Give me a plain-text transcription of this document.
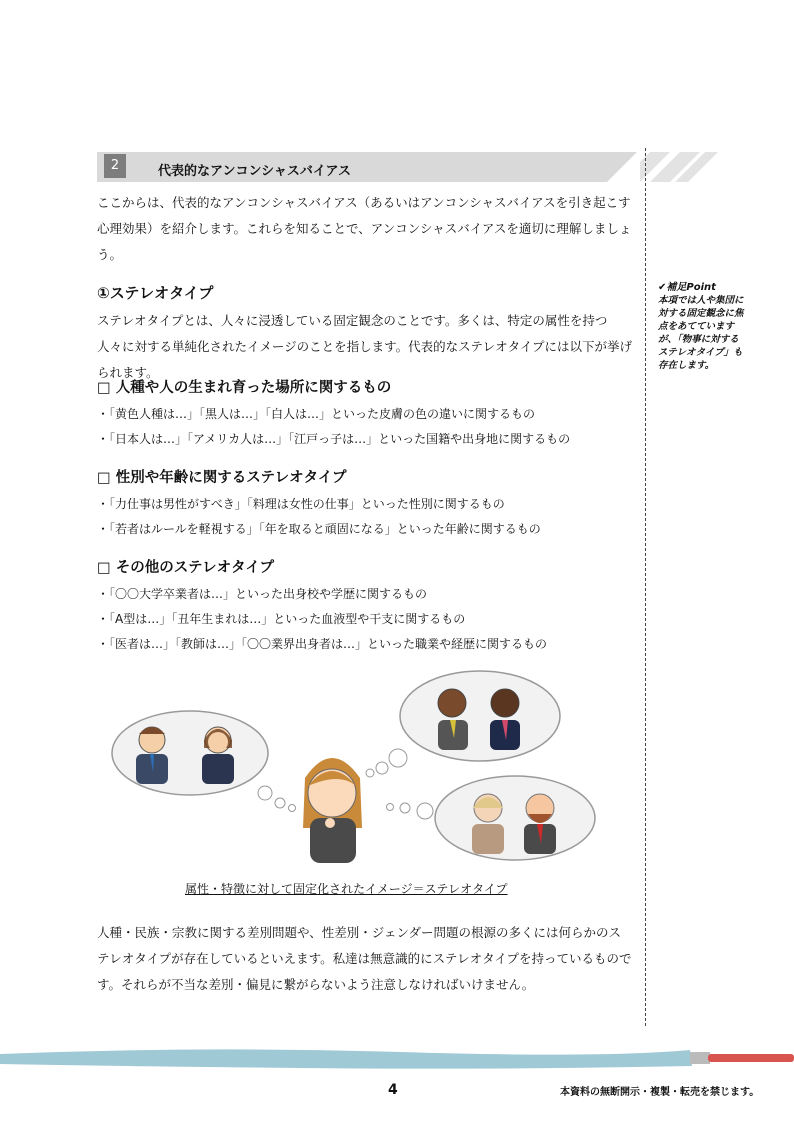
2	代表的なアンコンシャスバイアス

ここからは、代表的なアンコンシャスバイアス（あるいはアンコンシャスバイアスを引き起こす心理効果）を紹介します。これらを知ることで、アンコンシャスバイアスを適切に理解しましょう。

①ステレオタイプ

ステレオタイプとは、人々に浸透している固定観念のことです。多くは、特定の属性を持つ人々に対する単純化されたイメージのことを指します。代表的なステレオタイプには以下が挙げられます。

□ 人種や人の生まれ育った場所に関するもの
・「黄色人種は…」「黒人は…」「白人は…」といった皮膚の色の違いに関するもの
・「日本人は…」「アメリカ人は…」「江戸っ子は…」といった国籍や出身地に関するもの
□ 性別や年齢に関するステレオタイプ
・「力仕事は男性がすべき」「料理は女性の仕事」といった性別に関するもの
・「若者はルールを軽視する」「年を取ると頑固になる」といった年齢に関するもの
□ その他のステレオタイプ
・「〇〇大学卒業者は…」といった出身校や学歴に関するもの
・「A型は…」「丑年生まれは…」といった血液型や干支に関するもの
・「医者は…」「教師は…」「〇〇業界出身者は…」といった職業や経歴に関するもの
✔補足Point
本項では人や集団に対する固定観念に焦点をあてていますが、「物事に対するステレオタイプ」も存在します。
属性・特徴に対して固定化されたイメージ＝ステレオタイプ

人種・民族・宗教に関する差別問題や、性差別・ジェンダー問題の根源の多くには何らかのステレオタイプが存在しているといえます。私達は無意識的にステレオタイプを持っているものです。それらが不当な差別・偏見に繋がらないよう注意しなければいけません。

4	本資料の無断開示・複製・転売を禁じます。
